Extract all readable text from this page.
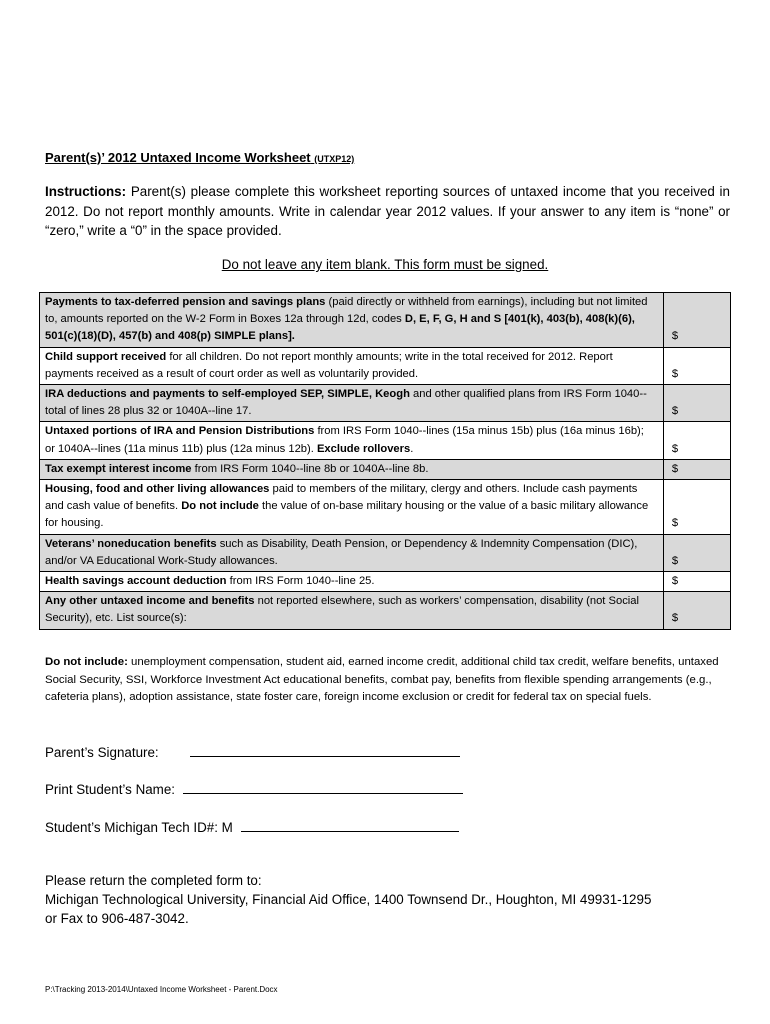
Parent(s)’ 2012 Untaxed Income Worksheet (UTXP12)
Instructions: Parent(s) please complete this worksheet reporting sources of untaxed income that you received in 2012. Do not report monthly amounts. Write in calendar year 2012 values. If your answer to any item is “none” or “zero,” write a “0” in the space provided.
Do not leave any item blank. This form must be signed.
Payments to tax-deferred pension and savings plans (paid directly or withheld from earnings), including but not limited to, amounts reported on the W-2 Form in Boxes 12a through 12d, codes D, E, F, G, H and S [401(k), 403(b), 408(k)(6), 501(c)(18)(D), 457(b) and 408(p) SIMPLE plans].	$
Child support received for all children. Do not report monthly amounts; write in the total received for 2012. Report payments received as a result of court order as well as voluntarily provided.	$
IRA deductions and payments to self-employed SEP, SIMPLE, Keogh and other qualified plans from IRS Form 1040--total of lines 28 plus 32 or 1040A--line 17.	$
Untaxed portions of IRA and Pension Distributions from IRS Form 1040--lines (15a minus 15b) plus (16a minus 16b); or 1040A--lines (11a minus 11b) plus (12a minus 12b). Exclude rollovers.	$
Tax exempt interest income from IRS Form 1040--line 8b or 1040A--line 8b.	$
Housing, food and other living allowances paid to members of the military, clergy and others. Include cash payments and cash value of benefits. Do not include the value of on-base military housing or the value of a basic military allowance for housing.	$
Veterans’ noneducation benefits such as Disability, Death Pension, or Dependency & Indemnity Compensation (DIC), and/or VA Educational Work-Study allowances.	$
Health savings account deduction from IRS Form 1040--line 25.	$
Any other untaxed income and benefits not reported elsewhere, such as workers’ compensation, disability (not Social Security), etc. List source(s):	$
Do not include: unemployment compensation, student aid, earned income credit, additional child tax credit, welfare benefits, untaxed Social Security, SSI, Workforce Investment Act educational benefits, combat pay, benefits from flexible spending arrangements (e.g., cafeteria plans), adoption assistance, state foster care, foreign income exclusion or credit for federal tax on special fuels.
Parent’s Signature:
Print Student’s Name:
Student’s Michigan Tech ID#: M
Please return the completed form to:
Michigan Technological University, Financial Aid Office, 1400 Townsend Dr., Houghton, MI 49931-1295
or Fax to 906-487-3042.
P:\Tracking 2013-2014\Untaxed Income Worksheet - Parent.Docx
